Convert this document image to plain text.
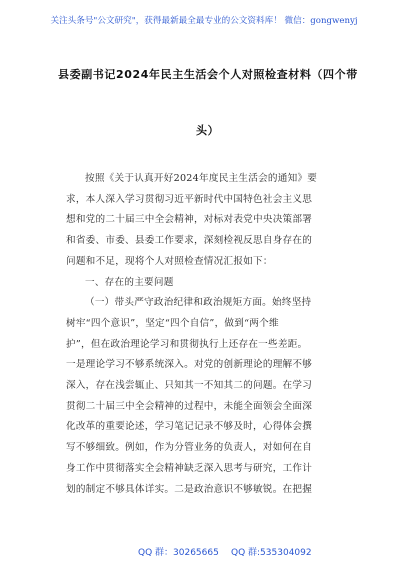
关注头条号"公文研究"，获得最新最全最专业的公文资料库！ 微信：gongwenyj
县委副书记2024年民主生活会个人对照检查材料（四个带
头）

按照《关于认真开好2024年度民主生活会的通知》要

求，本人深入学习贯彻习近平新时代中国特色社会主义思

想和党的二十届三中全会精神，对标对表党中央决策部署

和省委、市委、县委工作要求，深刻检视反思自身存在的

问题和不足，现将个人对照检查情况汇报如下：

一、存在的主要问题

（一）带头严守政治纪律和政治规矩方面。始终坚持

树牢“四个意识”，坚定“四个自信”，做到“两个维

护”，但在政治理论学习和贯彻执行上还存在一些差距。

一是理论学习不够系统深入。对党的创新理论的理解不够

深入，存在浅尝辄止、只知其一不知其二的问题。在学习

贯彻二十届三中全会精神的过程中，未能全面领会全面深

化改革的重要论述，学习笔记记录不够及时，心得体会撰

写不够细致。例如，作为分管业务的负责人，对如何在自

身工作中贯彻落实全会精神缺乏深入思考与研究，工作计

划的制定不够具体详实。二是政治意识不够敏锐。在把握

QQ 群：30265665 QQ 群:535304092
